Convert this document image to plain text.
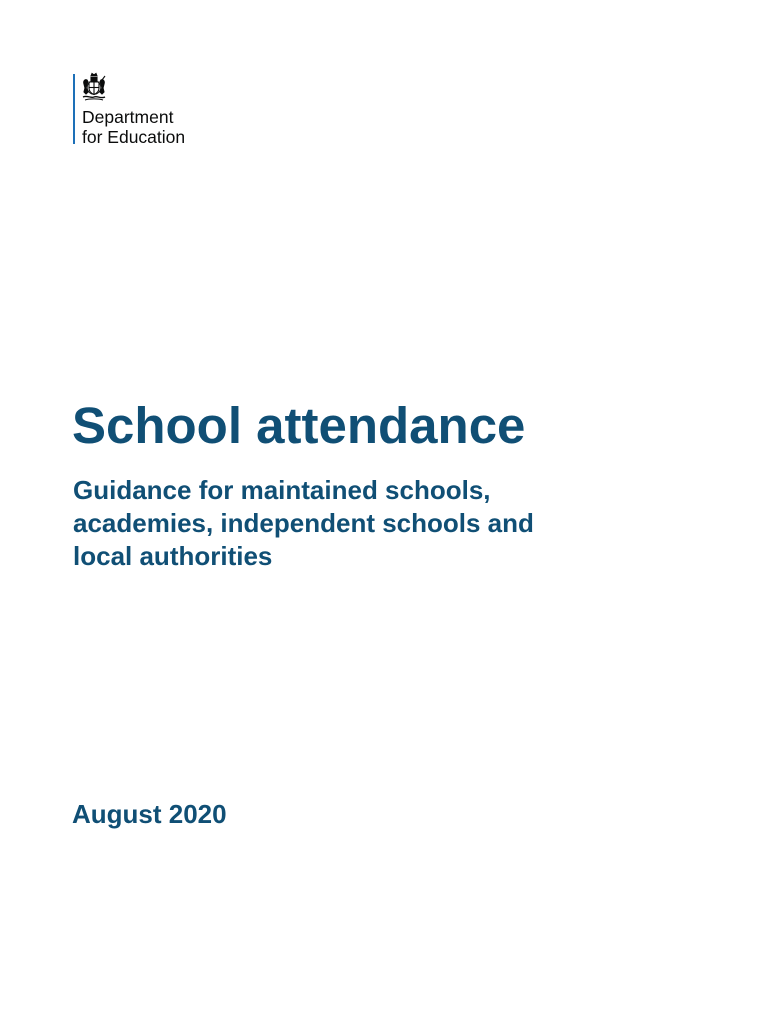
Department
for Education
School attendance
Guidance for maintained schools,
academies, independent schools and
local authorities

August 2020
